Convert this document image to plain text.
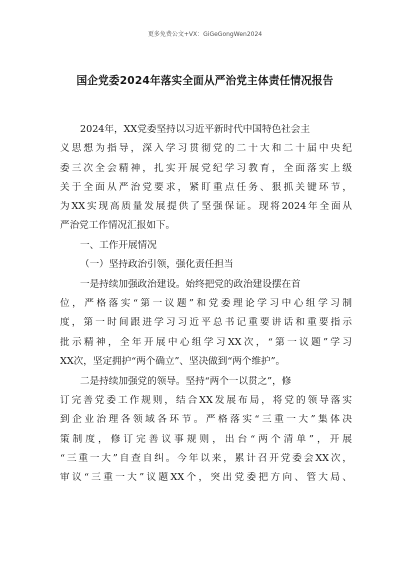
更多免费公文+VX：GiGeGongWen2024
国企党委2024年落实全面从严治党主体责任情况报告
2024年，XX党委坚持以习近平新时代中国特色社会主
义思想为指导，深入学习贯彻党的二十大和二十届中央纪
委三次全会精神，扎实开展党纪学习教育，全面落实上级
关于全面从严治党要求，紧盯重点任务、狠抓关键环节，
为XX实现高质量发展提供了坚强保证。现将2024年全面从
严治党工作情况汇报如下。
一、工作开展情况
（一）坚持政治引领，强化责任担当
一是持续加强政治建设。始终把党的政治建设摆在首
位，严格落实“第一议题”和党委理论学习中心组学习制
度，第一时间跟进学习习近平总书记重要讲话和重要指示
批示精神，全年开展中心组学习XX次，“第一议题”学习
XX次，坚定拥护“两个确立”、坚决做到“两个维护”。
二是持续加强党的领导。坚持“两个一以贯之”，修
订完善党委工作规则，结合XX发展布局，将党的领导落实
到企业治理各领域各环节。严格落实“三重一大”集体决
策制度，修订完善议事规则，出台“两个清单”，开展
“三重一大”自查自纠。今年以来，累计召开党委会XX次，
审议“三重一大”议题XX个，突出党委把方向、管大局、
